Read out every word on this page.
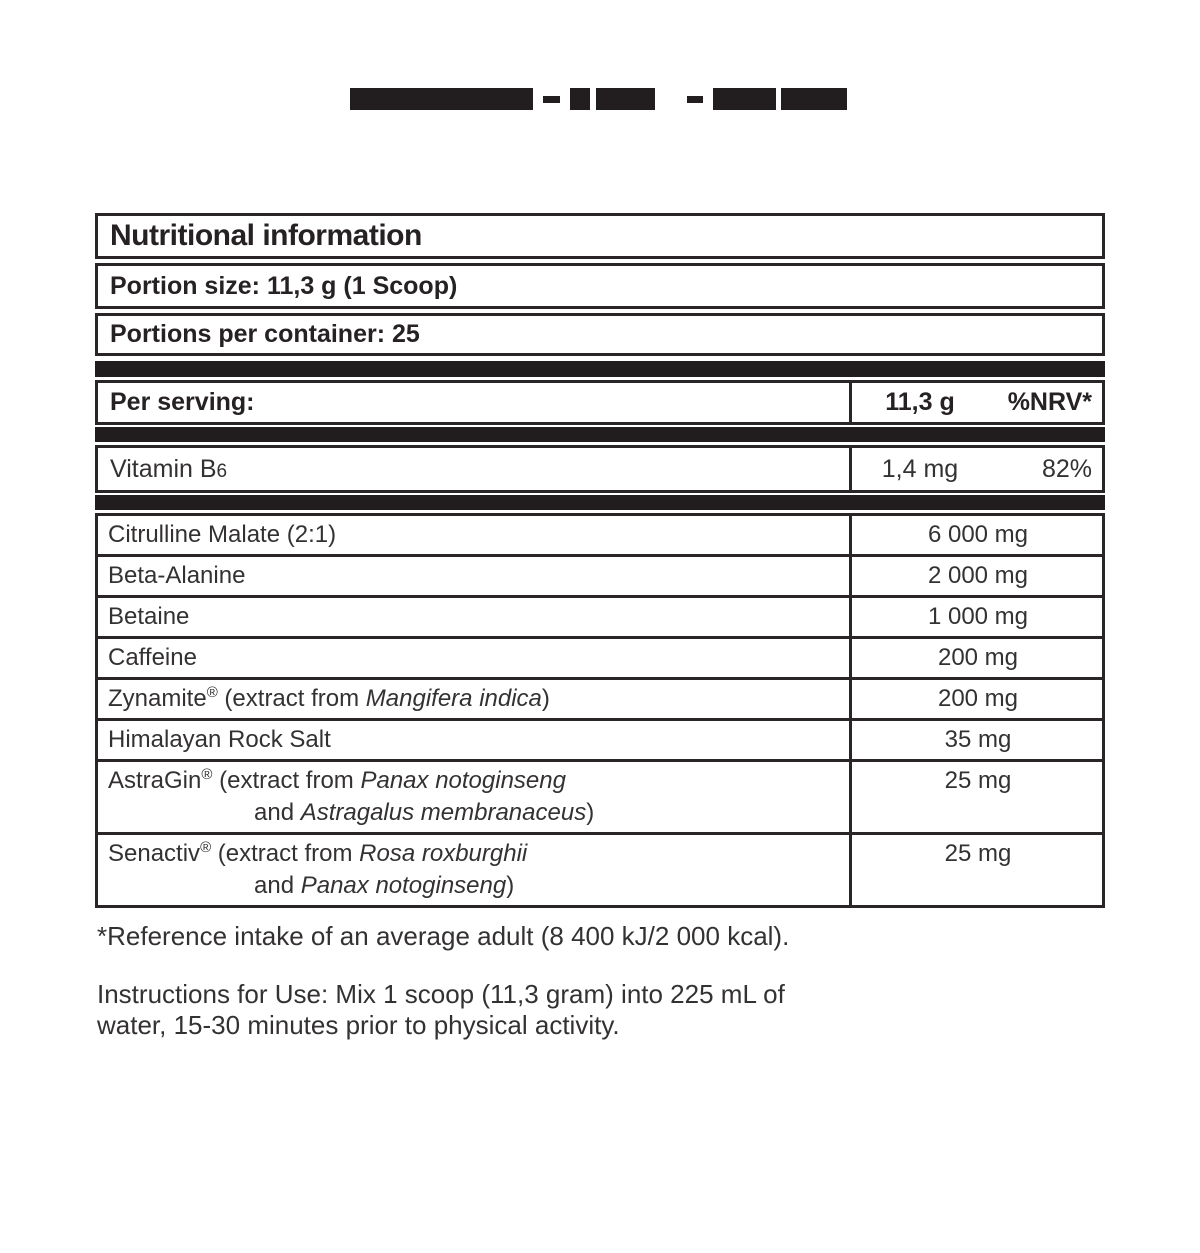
Nutritional information
Portion size: 11,3 g (1 Scoop)
Portions per container: 25
Per serving:	11,3 g	%NRV*
Vitamin B6	1,4 mg	82%
Citrulline Malate (2:1)	6 000 mg
Beta-Alanine	2 000 mg
Betaine	1 000 mg
Caffeine	200 mg
Zynamite® (extract from Mangifera indica)	200 mg
Himalayan Rock Salt	35 mg
AstraGin® (extract from Panax notoginseng
and Astragalus membranaceus)	25 mg
Senactiv® (extract from Rosa roxburghii
and Panax notoginseng)	25 mg
*Reference intake of an average adult (8 400 kJ/2 000 kcal).
Instructions for Use: Mix 1 scoop (11,3 gram) into 225 mL of
water, 15-30 minutes prior to physical activity.
